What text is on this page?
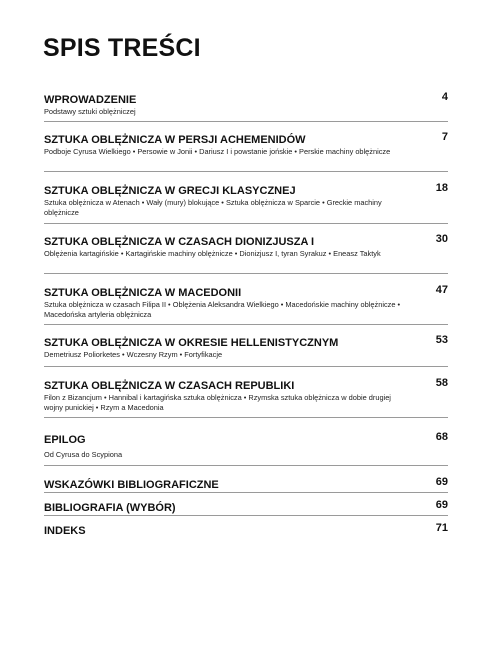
SPIS TREŚCI
WPROWADZENIE	4
Podstawy sztuki oblężniczej
SZTUKA OBLĘŻNICZA W PERSJI ACHEMENIDÓW	7
Podboje Cyrusa Wielkiego • Persowie w Jonii • Dariusz I i powstanie jońskie • Perskie machiny oblężnicze
SZTUKA OBLĘŻNICZA W GRECJI KLASYCZNEJ	18
Sztuka oblężnicza w Atenach • Wały (mury) blokujące • Sztuka oblężnicza w Sparcie • Greckie machiny oblężnicze
SZTUKA OBLĘŻNICZA W CZASACH DIONIZJUSZA I	30
Oblężenia kartagińskie • Kartagińskie machiny oblężnicze • Dionizjusz I, tyran Syrakuz • Eneasz Taktyk
SZTUKA OBLĘŻNICZA W MACEDONII	47
Sztuka oblężnicza w czasach Filipa II • Oblężenia Aleksandra Wielkiego • Macedońskie machiny oblężnicze • Macedońska artyleria oblężnicza
SZTUKA OBLĘŻNICZA W OKRESIE HELLENISTYCZNYM	53
Demetriusz Poliorketes • Wczesny Rzym • Fortyfikacje
SZTUKA OBLĘŻNICZA W CZASACH REPUBLIKI	58
Filon z Bizancjum • Hannibal i kartagińska sztuka oblężnicza • Rzymska sztuka oblężnicza w dobie drugiej wojny punickiej • Rzym a Macedonia
EPILOG	68
Od Cyrusa do Scypiona
WSKAZÓWKI BIBLIOGRAFICZNE	69
BIBLIOGRAFIA (WYBÓR)	69
INDEKS	71
